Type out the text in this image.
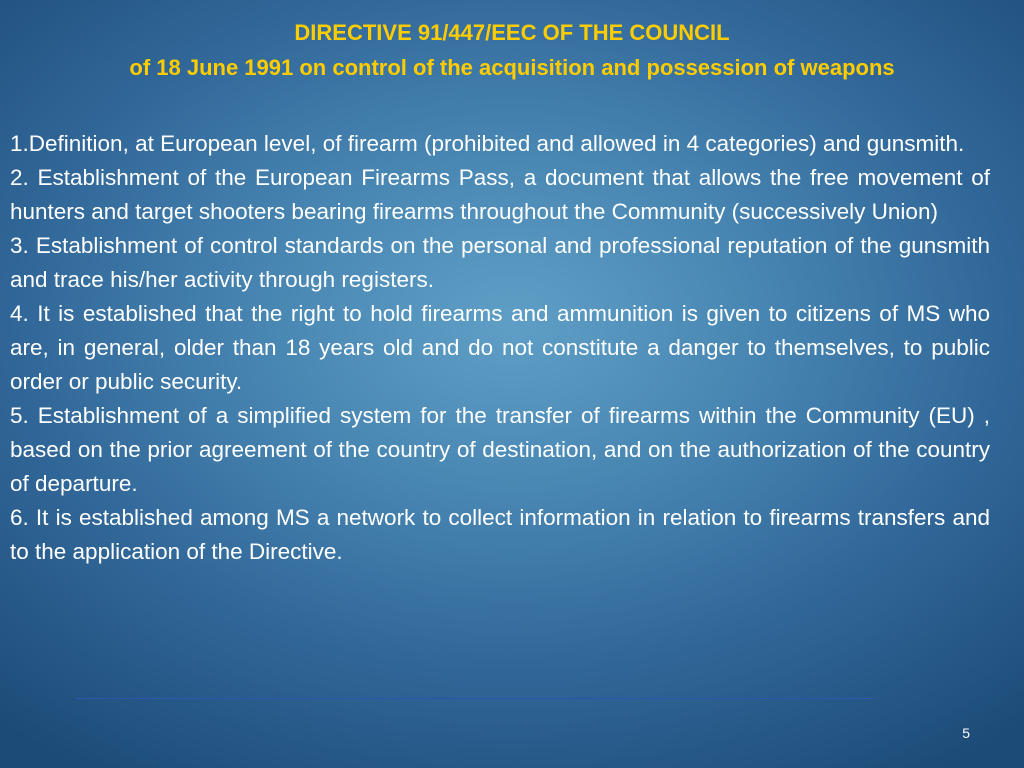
DIRECTIVE 91/447/EEC OF THE COUNCIL
of 18 June 1991 on control of the acquisition and possession of weapons

1.Definition, at European level, of firearm (prohibited and allowed in 4 categories) and gunsmith.

2. Establishment of the European Firearms Pass, a document that allows the free movement of hunters and target shooters bearing firearms throughout the Community (successively Union)

3. Establishment of control standards on the personal and professional reputation of the gunsmith and trace his/her activity through registers.

4. It is established that the right to hold firearms and ammunition is given to citizens of MS who are, in general, older than 18 years old and do not constitute a danger to themselves, to public order or public security.

5. Establishment of a simplified system for the transfer of firearms within the Community (EU) , based on the prior agreement of the country of destination, and on the authorization of the country of departure.

6. It is established among MS a network to collect information in relation to firearms transfers and to the application of the Directive.

5
